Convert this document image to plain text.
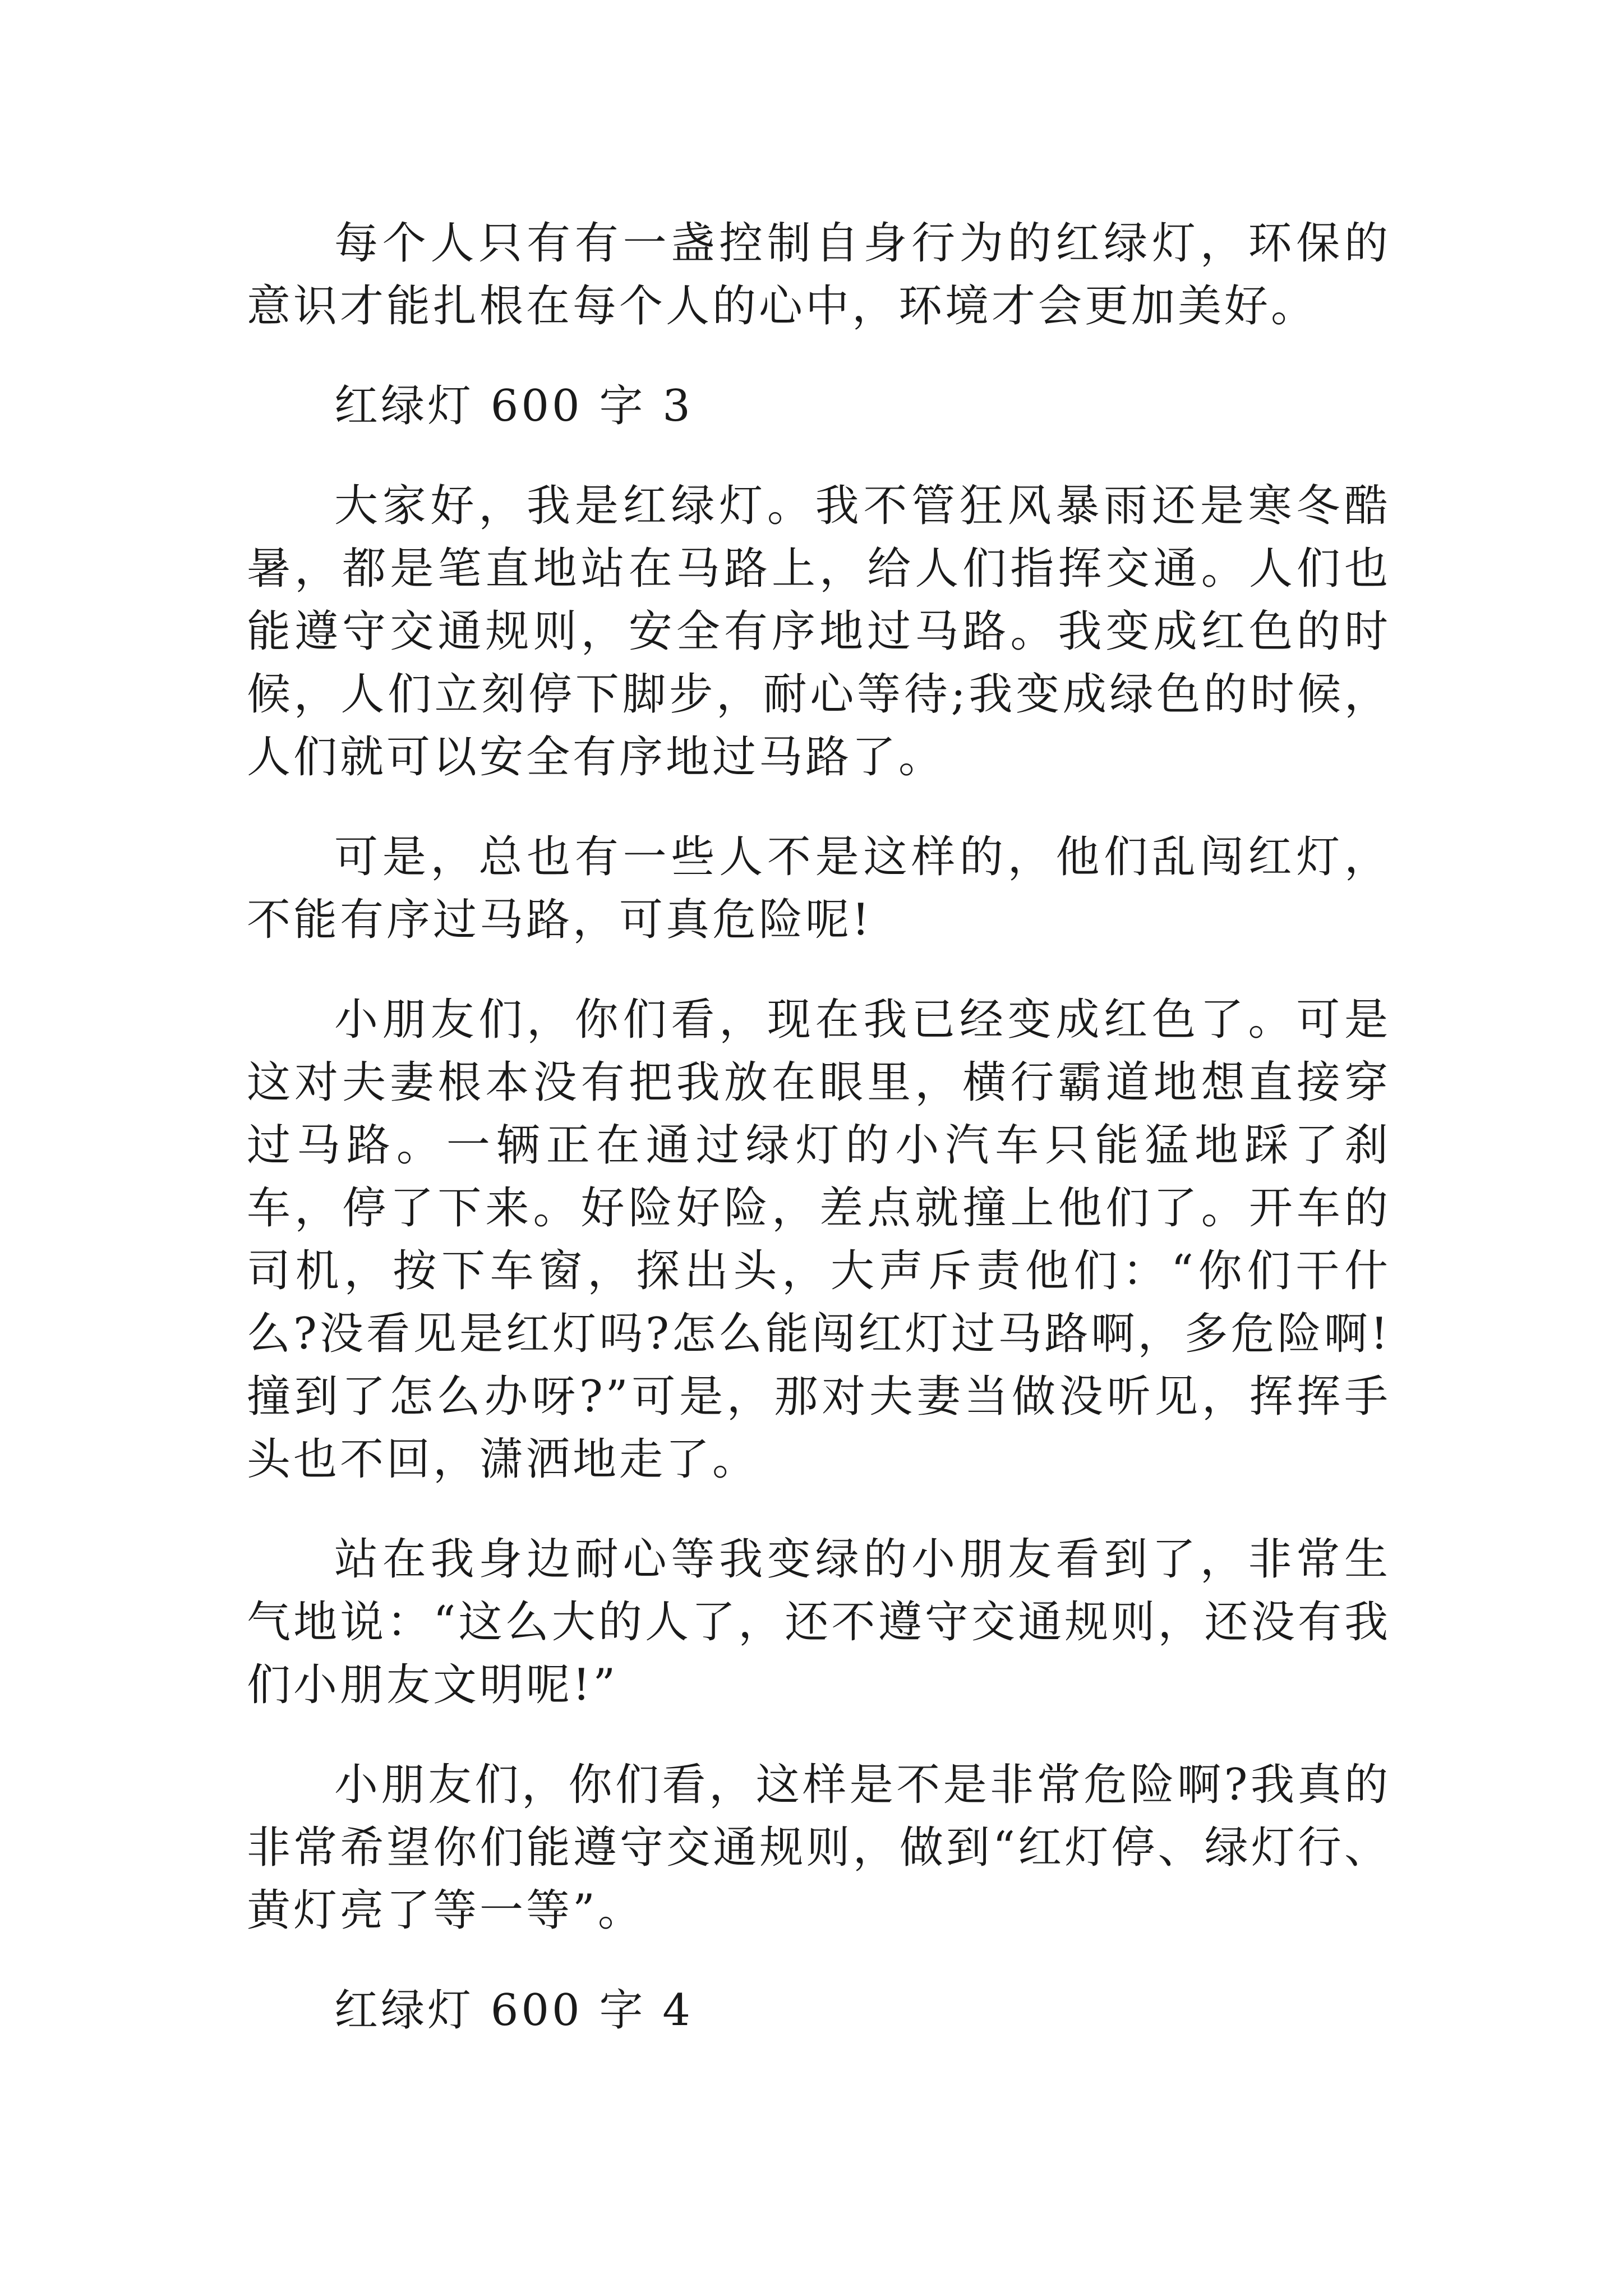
每个人只有有一盏控制自身行为的红绿灯，环保的意识才能扎根在每个人的心中，环境才会更加美好。

红绿灯 600 字 3

大家好，我是红绿灯。我不管狂风暴雨还是寒冬酷暑，都是笔直地站在马路上，给人们指挥交通。人们也能遵守交通规则，安全有序地过马路。我变成红色的时候，人们立刻停下脚步，耐心等待;我变成绿色的时候，人们就可以安全有序地过马路了。

可是，总也有一些人不是这样的，他们乱闯红灯，不能有序过马路，可真危险呢!

小朋友们，你们看，现在我已经变成红色了。可是这对夫妻根本没有把我放在眼里，横行霸道地想直接穿过马路。一辆正在通过绿灯的小汽车只能猛地踩了刹车，停了下来。好险好险，差点就撞上他们了。开车的司机，按下车窗，探出头，大声斥责他们：“你们干什么?没看见是红灯吗?怎么能闯红灯过马路啊，多危险啊!撞到了怎么办呀?”可是，那对夫妻当做没听见，挥挥手头也不回，潇洒地走了。

站在我身边耐心等我变绿的小朋友看到了，非常生气地说：“这么大的人了，还不遵守交通规则，还没有我们小朋友文明呢!”

小朋友们，你们看，这样是不是非常危险啊?我真的非常希望你们能遵守交通规则，做到“红灯停、绿灯行、黄灯亮了等一等”。

红绿灯 600 字 4
